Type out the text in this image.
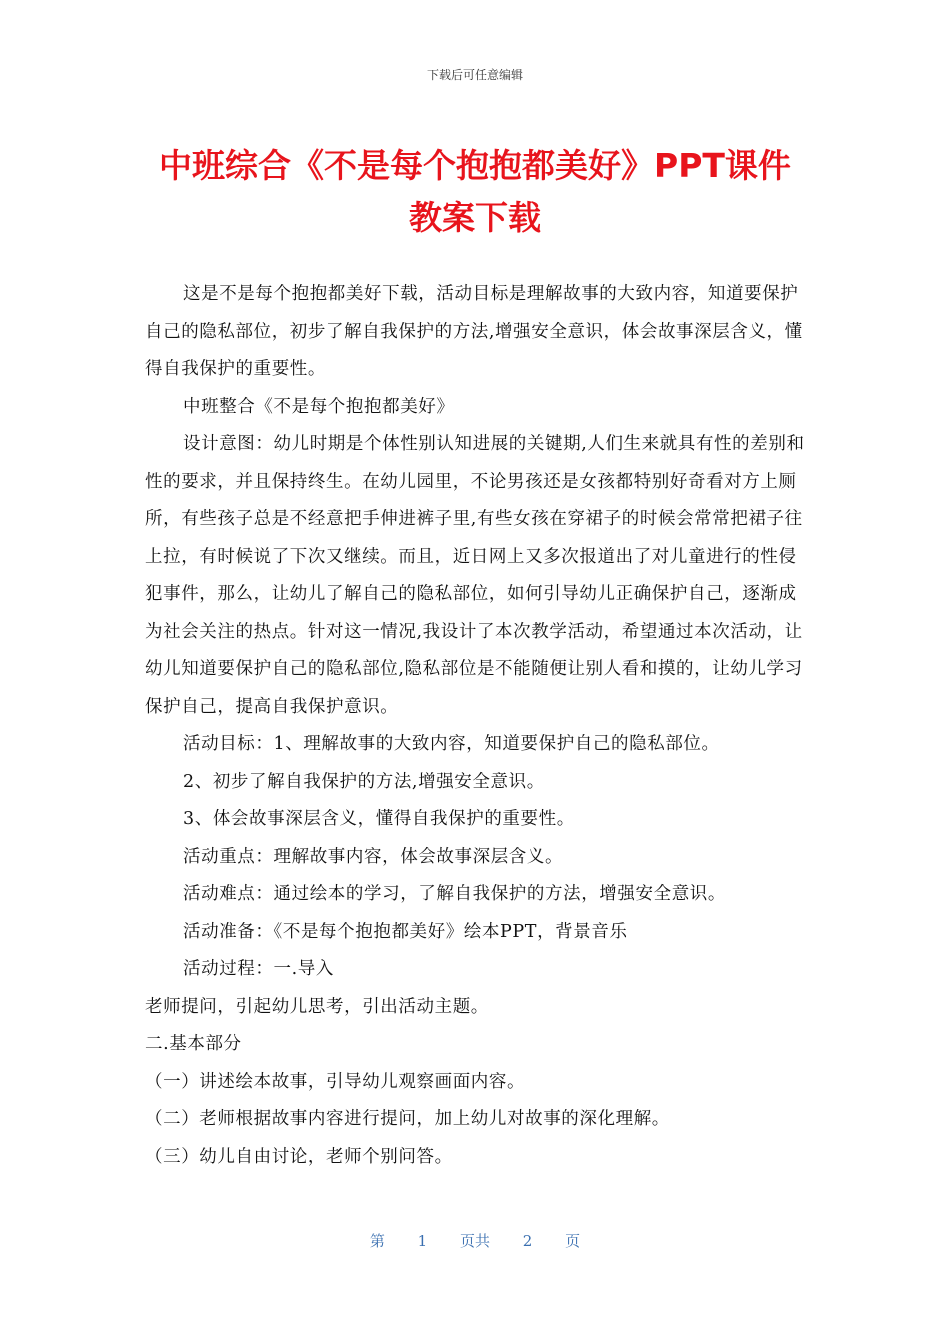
下载后可任意编辑
中班综合《不是每个抱抱都美好》PPT课件
教案下载

这是不是每个抱抱都美好下载，活动目标是理解故事的大致内容，知道要保护自己的隐私部位，初步了解自我保护的方法,增强安全意识，体会故事深层含义，懂得自我保护的重要性。

中班整合《不是每个抱抱都美好》

设计意图：幼儿时期是个体性别认知进展的关键期,人们生来就具有性的差别和性的要求，并且保持终生。在幼儿园里，不论男孩还是女孩都特别好奇看对方上厕所，有些孩子总是不经意把手伸进裤子里,有些女孩在穿裙子的时候会常常把裙子往上拉，有时候说了下次又继续。而且，近日网上又多次报道出了对儿童进行的性侵犯事件，那么，让幼儿了解自己的隐私部位，如何引导幼儿正确保护自己，逐渐成为社会关注的热点。针对这一情况,我设计了本次教学活动，希望通过本次活动，让幼儿知道要保护自己的隐私部位,隐私部位是不能随便让别人看和摸的，让幼儿学习保护自己，提高自我保护意识。

活动目标：1、理解故事的大致内容，知道要保护自己的隐私部位。

2、初步了解自我保护的方法,增强安全意识。

3、体会故事深层含义，懂得自我保护的重要性。

活动重点：理解故事内容，体会故事深层含义。

活动难点：通过绘本的学习，了解自我保护的方法，增强安全意识。

活动准备：《不是每个抱抱都美好》绘本PPT，背景音乐

活动过程：一.导入

老师提问，引起幼儿思考，引出活动主题。

二.基本部分

（一）讲述绘本故事，引导幼儿观察画面内容。

（二）老师根据故事内容进行提问，加上幼儿对故事的深化理解。

（三）幼儿自由讨论，老师个别问答。

第 1 页共 2 页
